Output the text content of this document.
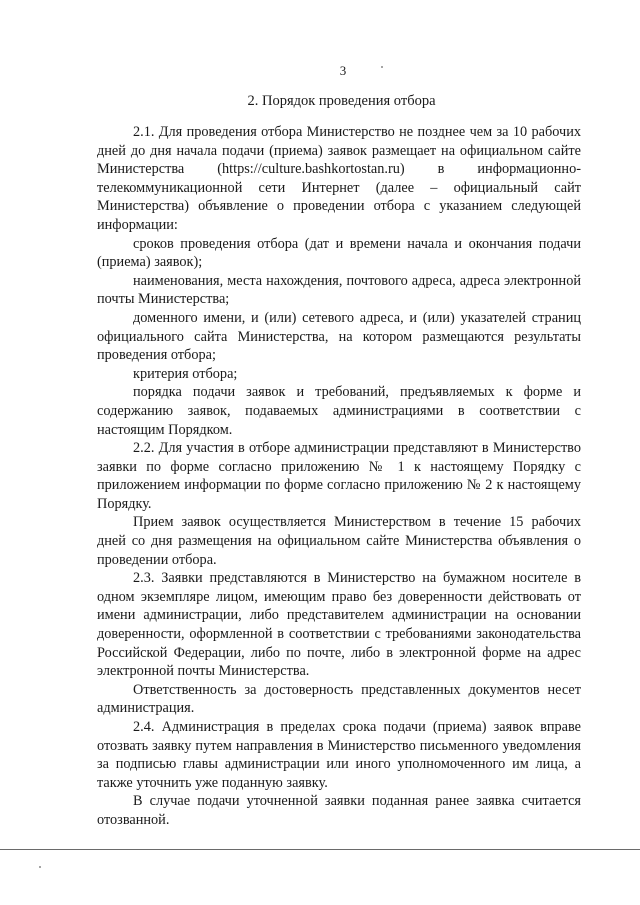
3
2. Порядок проведения отбора

2.1. Для проведения отбора Министерство не позднее чем за 10 рабочих дней до дня начала подачи (приема) заявок размещает на официальном сайте Министерства (https://culture.bashkortostan.ru) в информационно-телекоммуникационной сети Интернет (далее – официальный сайт Министерства) объявление о проведении отбора с указанием следующей информации:

сроков проведения отбора (дат и времени начала и окончания подачи (приема) заявок);

наименования, места нахождения, почтового адреса, адреса электронной почты Министерства;

доменного имени, и (или) сетевого адреса, и (или) указателей страниц официального сайта Министерства, на котором размещаются результаты проведения отбора;

критерия отбора;

порядка подачи заявок и требований, предъявляемых к форме и содержанию заявок, подаваемых администрациями в соответствии с настоящим Порядком.

2.2. Для участия в отборе администрации представляют в Министерство заявки по форме согласно приложению № 1 к настоящему Порядку с приложением информации по форме согласно приложению № 2 к настоящему Порядку.

Прием заявок осуществляется Министерством в течение 15 рабочих дней со дня размещения на официальном сайте Министерства объявления о проведении отбора.

2.3. Заявки представляются в Министерство на бумажном носителе в одном экземпляре лицом, имеющим право без доверенности действовать от имени администрации, либо представителем администрации на основании доверенности, оформленной в соответствии с требованиями законодательства Российской Федерации, либо по почте, либо в электронной форме на адрес электронной почты Министерства.

Ответственность за достоверность представленных документов несет администрация.

2.4. Администрация в пределах срока подачи (приема) заявок вправе отозвать заявку путем направления в Министерство письменного уведомления за подписью главы администрации или иного уполномоченного им лица, а также уточнить уже поданную заявку.

В случае подачи уточненной заявки поданная ранее заявка считается отозванной.
